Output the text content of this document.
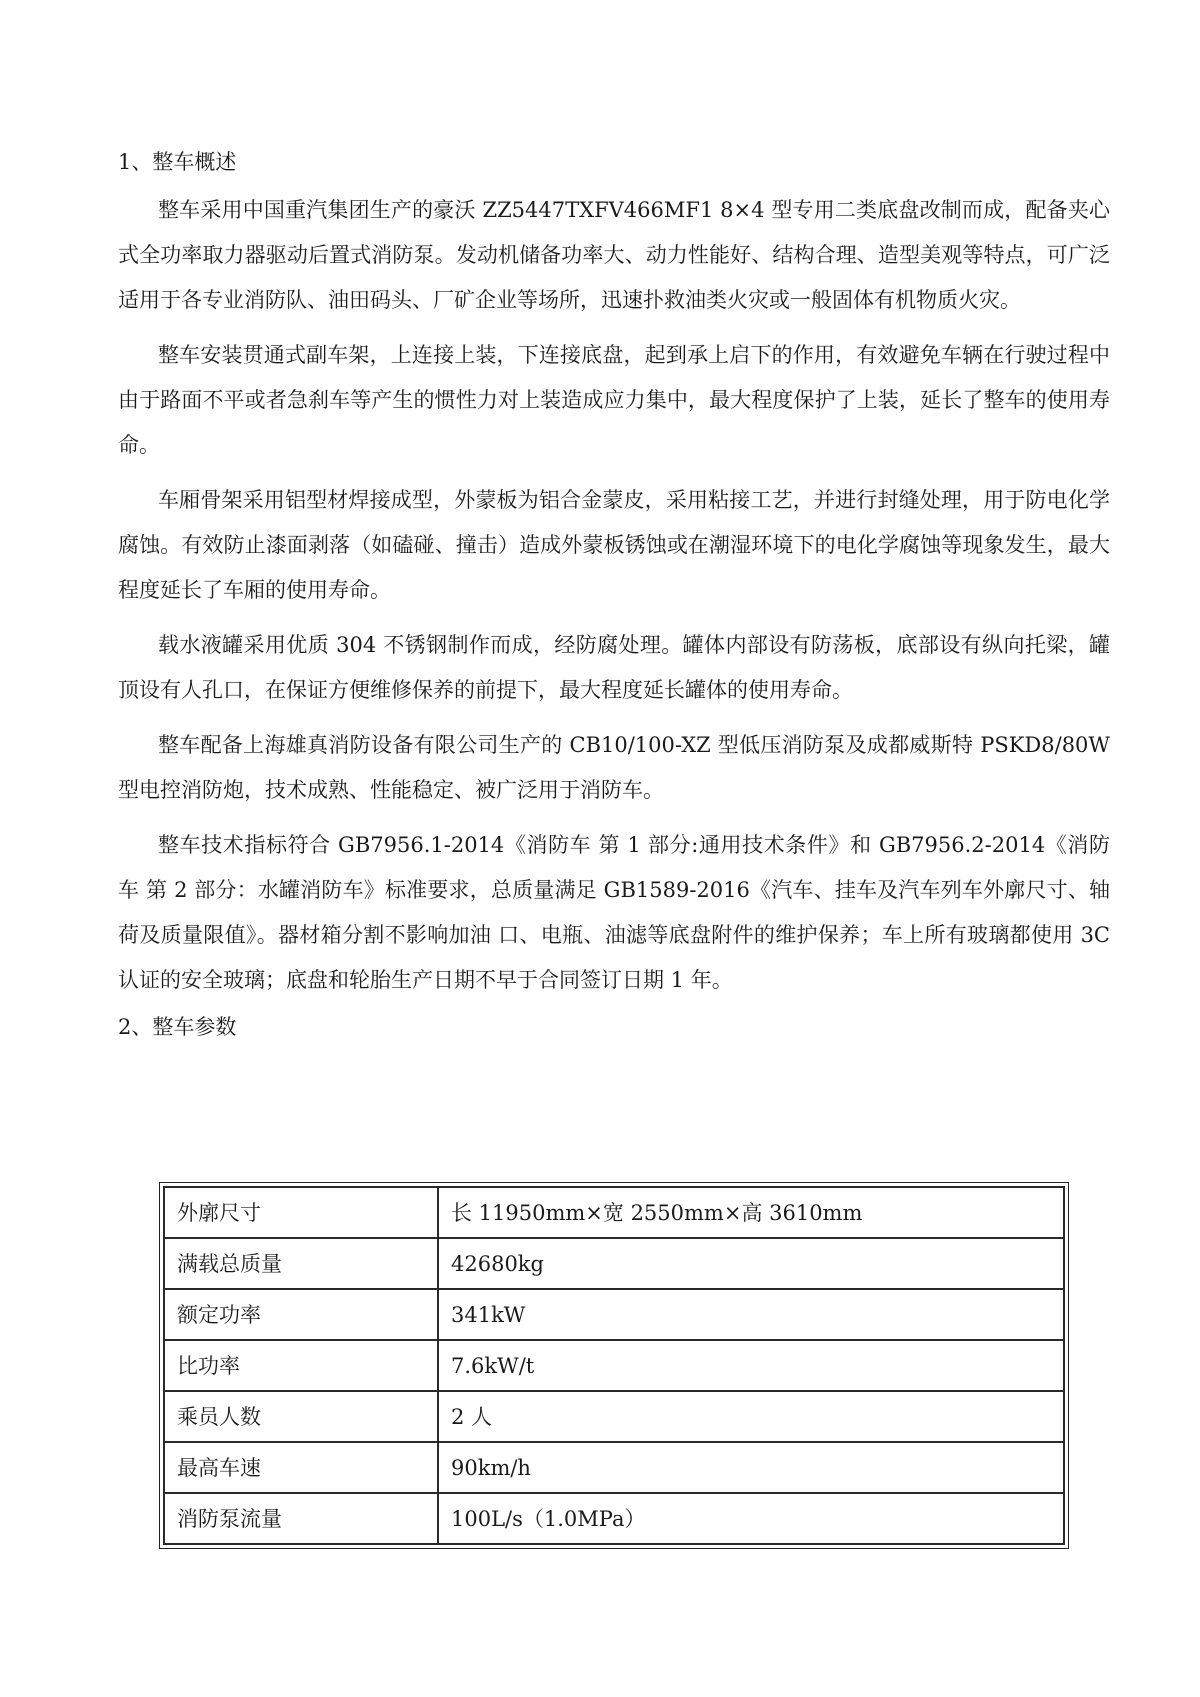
1、整车概述

整车采用中国重汽集团生产的豪沃 ZZ5447TXFV466MF1 8×4 型专用二类底盘改制而成，配备夹心式全功率取力器驱动后置式消防泵。发动机储备功率大、动力性能好、结构合理、造型美观等特点，可广泛适用于各专业消防队、油田码头、厂矿企业等场所，迅速扑救油类火灾或一般固体有机物质火灾。

整车安装贯通式副车架，上连接上装，下连接底盘，起到承上启下的作用，有效避免车辆在行驶过程中由于路面不平或者急刹车等产生的惯性力对上装造成应力集中，最大程度保护了上装，延长了整车的使用寿命。

车厢骨架采用铝型材焊接成型，外蒙板为铝合金蒙皮，采用粘接工艺，并进行封缝处理，用于防电化学腐蚀。有效防止漆面剥落（如磕碰、撞击）造成外蒙板锈蚀或在潮湿环境下的电化学腐蚀等现象发生，最大程度延长了车厢的使用寿命。

载水液罐采用优质 304 不锈钢制作而成，经防腐处理。罐体内部设有防荡板，底部设有纵向托梁，罐顶设有人孔口，在保证方便维修保养的前提下，最大程度延长罐体的使用寿命。

整车配备上海雄真消防设备有限公司生产的 CB10/100-XZ 型低压消防泵及成都威斯特 PSKD8/80W 型电控消防炮，技术成熟、性能稳定、被广泛用于消防车。

整车技术指标符合 GB7956.1-2014《消防车 第 1 部分:通用技术条件》和 GB7956.2-2014《消防车 第 2 部分：水罐消防车》标准要求，总质量满足 GB1589-2016《汽车、挂车及汽车列车外廓尺寸、轴荷及质量限值》。器材箱分割不影响加油 口、电瓶、油滤等底盘附件的维护保养；车上所有玻璃都使用 3C 认证的安全玻璃；底盘和轮胎生产日期不早于合同签订日期 1 年。

2、整车参数
外廓尺寸	长 11950mm×宽 2550mm×高 3610mm
满载总质量	42680kg
额定功率	341kW
比功率	7.6kW/t
乘员人数	2 人
最高车速	90km/h
消防泵流量	100L/s（1.0MPa）
